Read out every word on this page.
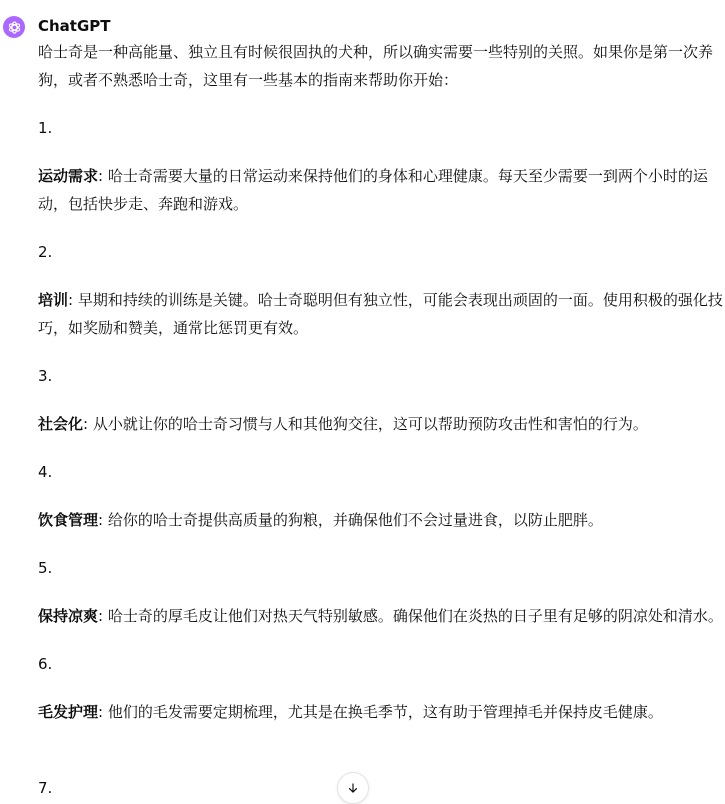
ChatGPT

哈士奇是一种高能量、独立且有时候很固执的犬种，所以确实需要一些特别的关照。如果你是第一次养狗，或者不熟悉哈士奇，这里有一些基本的指南来帮助你开始：

1.

运动需求: 哈士奇需要大量的日常运动来保持他们的身体和心理健康。每天至少需要一到两个小时的运动，包括快步走、奔跑和游戏。

2.

培训: 早期和持续的训练是关键。哈士奇聪明但有独立性，可能会表现出顽固的一面。使用积极的强化技巧，如奖励和赞美，通常比惩罚更有效。

3.

社会化: 从小就让你的哈士奇习惯与人和其他狗交往，这可以帮助预防攻击性和害怕的行为。

4.

饮食管理: 给你的哈士奇提供高质量的狗粮，并确保他们不会过量进食，以防止肥胖。

5.

保持凉爽: 哈士奇的厚毛皮让他们对热天气特别敏感。确保他们在炎热的日子里有足够的阴凉处和清水。

6.

毛发护理: 他们的毛发需要定期梳理，尤其是在换毛季节，这有助于管理掉毛并保持皮毛健康。

7.
